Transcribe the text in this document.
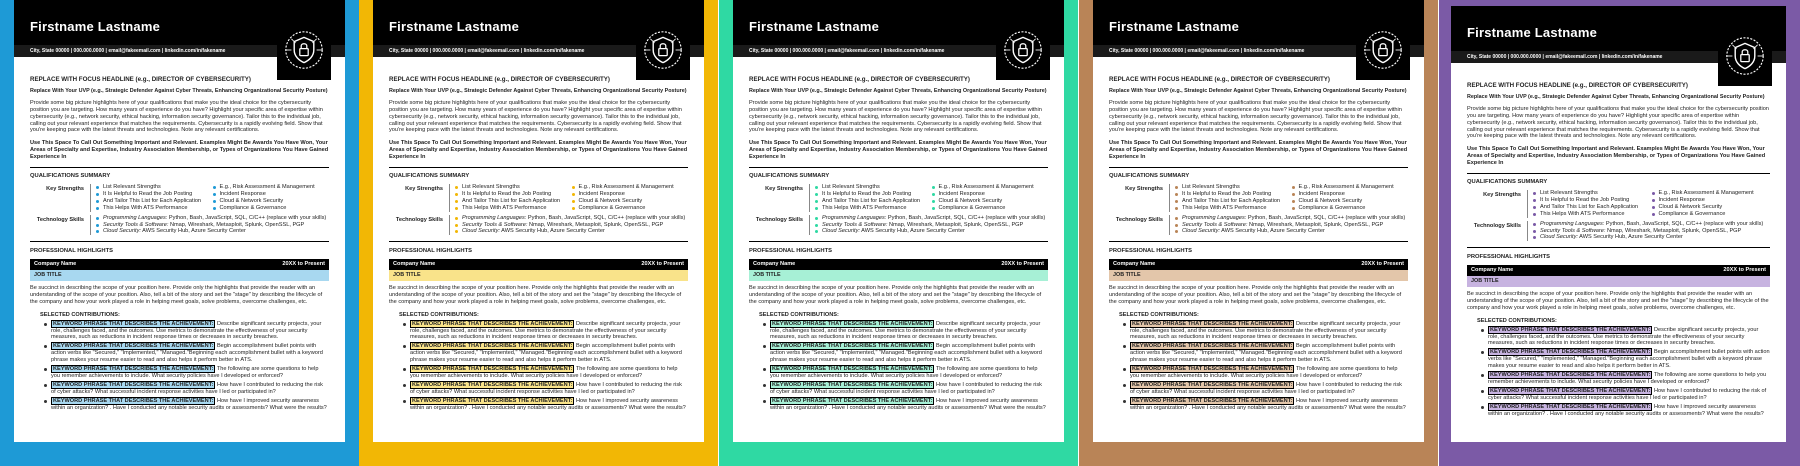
Firstname Lastname
City, State 00000 | 000.000.0000 | email@fakeemail.com | linkedin.com/in/fakename
REPLACE WITH FOCUS HEADLINE (e.g., DIRECTOR OF CYBERSECURITY)
Replace With Your UVP (e.g., Strategic Defender Against Cyber Threats, Enhancing Organizational Security Posture)
Provide some big picture highlights here of your qualifications that make you the ideal choice for the cybersecurity position you are targeting. How many years of experience do you have? Highlight your specific area of expertise within cybersecurity (e.g., network security, ethical hacking, information security governance). Tailor this to the individual job, calling out your relevant experience that matches the requirements. Cybersecurity is a rapidly evolving field. Show that you're keeping pace with the latest threats and technologies. Note any relevant certifications.
Use This Space To Call Out Something Important and Relevant. Examples Might Be Awards You Have Won, Your Areas of Specialty and Expertise, Industry Association Membership, or Types of Organizations You Have Gained Experience In
QUALIFICATIONS SUMMARY
Key Strengths	List Relevant Strengths
It Is Helpful to Read the Job Posting
And Tailor This List for Each Application
This Helps With ATS Performance
E.g., Risk Assessment & Management
Incident Response
Cloud & Network Security
Compliance & Governance
Technology Skills	Programming Languages: Python, Bash, JavaScript, SQL, C/C++ (replace with your skills)
Security Tools & Software: Nmap, Wireshark, Metasploit, Splunk, OpenSSL, PGP
Cloud Security: AWS Security Hub, Azure Security Center
PROFESSIONAL HIGHLIGHTS
Company Name	20XX to Present
JOB TITLE
Be succinct in describing the scope of your position here. Provide only the highlights that provide the reader with an understanding of the scope of your position. Also, tell a bit of the story and set the "stage" by describing the lifecycle of the company and how your work played a role in helping meet goals, solve problems, overcome challenges, etc.
SELECTED CONTRIBUTIONS:
KEYWORD PHRASE THAT DESCRIBES THE ACHIEVEMENT: Describe significant security projects, your role, challenges faced, and the outcomes. Use metrics to demonstrate the effectiveness of your security measures, such as reductions in incident response times or decreases in security breaches.
KEYWORD PHRASE THAT DESCRIBES THE ACHIEVEMENT: Begin accomplishment bullet points with action verbs like "Secured," "Implemented," "Managed."Beginning each accomplishment bullet with a keyword phrase makes your resume easier to read and also helps it perform better in ATS.
KEYWORD PHRASE THAT DESCRIBES THE ACHIEVEMENT: The following are some questions to help you remember achievements to include. What security policies have I developed or enforced?
KEYWORD PHRASE THAT DESCRIBES THE ACHIEVEMENT: How have I contributed to reducing the risk of cyber attacks? What successful incident response activities have I led or participated in?
KEYWORD PHRASE THAT DESCRIBES THE ACHIEVEMENT: How have I improved security awareness within an organization? . Have I conducted any notable security audits or assessments? What were the results?
Firstname Lastname
City, State 00000 | 000.000.0000 | email@fakeemail.com | linkedin.com/in/fakename
REPLACE WITH FOCUS HEADLINE (e.g., DIRECTOR OF CYBERSECURITY)
Replace With Your UVP (e.g., Strategic Defender Against Cyber Threats, Enhancing Organizational Security Posture)
Provide some big picture highlights here of your qualifications that make you the ideal choice for the cybersecurity position you are targeting. How many years of experience do you have? Highlight your specific area of expertise within cybersecurity (e.g., network security, ethical hacking, information security governance). Tailor this to the individual job, calling out your relevant experience that matches the requirements. Cybersecurity is a rapidly evolving field. Show that you're keeping pace with the latest threats and technologies. Note any relevant certifications.
Use This Space To Call Out Something Important and Relevant. Examples Might Be Awards You Have Won, Your Areas of Specialty and Expertise, Industry Association Membership, or Types of Organizations You Have Gained Experience In
QUALIFICATIONS SUMMARY
Key Strengths	List Relevant Strengths
It Is Helpful to Read the Job Posting
And Tailor This List for Each Application
This Helps With ATS Performance
E.g., Risk Assessment & Management
Incident Response
Cloud & Network Security
Compliance & Governance
Technology Skills	Programming Languages: Python, Bash, JavaScript, SQL, C/C++ (replace with your skills)
Security Tools & Software: Nmap, Wireshark, Metasploit, Splunk, OpenSSL, PGP
Cloud Security: AWS Security Hub, Azure Security Center
PROFESSIONAL HIGHLIGHTS
Company Name	20XX to Present
JOB TITLE
Be succinct in describing the scope of your position here. Provide only the highlights that provide the reader with an understanding of the scope of your position. Also, tell a bit of the story and set the "stage" by describing the lifecycle of the company and how your work played a role in helping meet goals, solve problems, overcome challenges, etc.
SELECTED CONTRIBUTIONS:
KEYWORD PHRASE THAT DESCRIBES THE ACHIEVEMENT: Describe significant security projects, your role, challenges faced, and the outcomes. Use metrics to demonstrate the effectiveness of your security measures, such as reductions in incident response times or decreases in security breaches.
KEYWORD PHRASE THAT DESCRIBES THE ACHIEVEMENT: Begin accomplishment bullet points with action verbs like "Secured," "Implemented," "Managed."Beginning each accomplishment bullet with a keyword phrase makes your resume easier to read and also helps it perform better in ATS.
KEYWORD PHRASE THAT DESCRIBES THE ACHIEVEMENT: The following are some questions to help you remember achievements to include. What security policies have I developed or enforced?
KEYWORD PHRASE THAT DESCRIBES THE ACHIEVEMENT: How have I contributed to reducing the risk of cyber attacks? What successful incident response activities have I led or participated in?
KEYWORD PHRASE THAT DESCRIBES THE ACHIEVEMENT: How have I improved security awareness within an organization? . Have I conducted any notable security audits or assessments? What were the results?
Firstname Lastname
City, State 00000 | 000.000.0000 | email@fakeemail.com | linkedin.com/in/fakename
REPLACE WITH FOCUS HEADLINE (e.g., DIRECTOR OF CYBERSECURITY)
Replace With Your UVP (e.g., Strategic Defender Against Cyber Threats, Enhancing Organizational Security Posture)
Provide some big picture highlights here of your qualifications that make you the ideal choice for the cybersecurity position you are targeting. How many years of experience do you have? Highlight your specific area of expertise within cybersecurity (e.g., network security, ethical hacking, information security governance). Tailor this to the individual job, calling out your relevant experience that matches the requirements. Cybersecurity is a rapidly evolving field. Show that you're keeping pace with the latest threats and technologies. Note any relevant certifications.
Use This Space To Call Out Something Important and Relevant. Examples Might Be Awards You Have Won, Your Areas of Specialty and Expertise, Industry Association Membership, or Types of Organizations You Have Gained Experience In
QUALIFICATIONS SUMMARY
Key Strengths	List Relevant Strengths
It Is Helpful to Read the Job Posting
And Tailor This List for Each Application
This Helps With ATS Performance
E.g., Risk Assessment & Management
Incident Response
Cloud & Network Security
Compliance & Governance
Technology Skills	Programming Languages: Python, Bash, JavaScript, SQL, C/C++ (replace with your skills)
Security Tools & Software: Nmap, Wireshark, Metasploit, Splunk, OpenSSL, PGP
Cloud Security: AWS Security Hub, Azure Security Center
PROFESSIONAL HIGHLIGHTS
Company Name	20XX to Present
JOB TITLE
Be succinct in describing the scope of your position here. Provide only the highlights that provide the reader with an understanding of the scope of your position. Also, tell a bit of the story and set the "stage" by describing the lifecycle of the company and how your work played a role in helping meet goals, solve problems, overcome challenges, etc.
SELECTED CONTRIBUTIONS:
KEYWORD PHRASE THAT DESCRIBES THE ACHIEVEMENT: Describe significant security projects, your role, challenges faced, and the outcomes. Use metrics to demonstrate the effectiveness of your security measures, such as reductions in incident response times or decreases in security breaches.
KEYWORD PHRASE THAT DESCRIBES THE ACHIEVEMENT: Begin accomplishment bullet points with action verbs like "Secured," "Implemented," "Managed."Beginning each accomplishment bullet with a keyword phrase makes your resume easier to read and also helps it perform better in ATS.
KEYWORD PHRASE THAT DESCRIBES THE ACHIEVEMENT: The following are some questions to help you remember achievements to include. What security policies have I developed or enforced?
KEYWORD PHRASE THAT DESCRIBES THE ACHIEVEMENT: How have I contributed to reducing the risk of cyber attacks? What successful incident response activities have I led or participated in?
KEYWORD PHRASE THAT DESCRIBES THE ACHIEVEMENT: How have I improved security awareness within an organization? . Have I conducted any notable security audits or assessments? What were the results?
Firstname Lastname
City, State 00000 | 000.000.0000 | email@fakeemail.com | linkedin.com/in/fakename
REPLACE WITH FOCUS HEADLINE (e.g., DIRECTOR OF CYBERSECURITY)
Replace With Your UVP (e.g., Strategic Defender Against Cyber Threats, Enhancing Organizational Security Posture)
Provide some big picture highlights here of your qualifications that make you the ideal choice for the cybersecurity position you are targeting. How many years of experience do you have? Highlight your specific area of expertise within cybersecurity (e.g., network security, ethical hacking, information security governance). Tailor this to the individual job, calling out your relevant experience that matches the requirements. Cybersecurity is a rapidly evolving field. Show that you're keeping pace with the latest threats and technologies. Note any relevant certifications.
Use This Space To Call Out Something Important and Relevant. Examples Might Be Awards You Have Won, Your Areas of Specialty and Expertise, Industry Association Membership, or Types of Organizations You Have Gained Experience In
QUALIFICATIONS SUMMARY
Key Strengths	List Relevant Strengths
It Is Helpful to Read the Job Posting
And Tailor This List for Each Application
This Helps With ATS Performance
E.g., Risk Assessment & Management
Incident Response
Cloud & Network Security
Compliance & Governance
Technology Skills	Programming Languages: Python, Bash, JavaScript, SQL, C/C++ (replace with your skills)
Security Tools & Software: Nmap, Wireshark, Metasploit, Splunk, OpenSSL, PGP
Cloud Security: AWS Security Hub, Azure Security Center
PROFESSIONAL HIGHLIGHTS
Company Name	20XX to Present
JOB TITLE
Be succinct in describing the scope of your position here. Provide only the highlights that provide the reader with an understanding of the scope of your position. Also, tell a bit of the story and set the "stage" by describing the lifecycle of the company and how your work played a role in helping meet goals, solve problems, overcome challenges, etc.
SELECTED CONTRIBUTIONS:
KEYWORD PHRASE THAT DESCRIBES THE ACHIEVEMENT: Describe significant security projects, your role, challenges faced, and the outcomes. Use metrics to demonstrate the effectiveness of your security measures, such as reductions in incident response times or decreases in security breaches.
KEYWORD PHRASE THAT DESCRIBES THE ACHIEVEMENT: Begin accomplishment bullet points with action verbs like "Secured," "Implemented," "Managed."Beginning each accomplishment bullet with a keyword phrase makes your resume easier to read and also helps it perform better in ATS.
KEYWORD PHRASE THAT DESCRIBES THE ACHIEVEMENT: The following are some questions to help you remember achievements to include. What security policies have I developed or enforced?
KEYWORD PHRASE THAT DESCRIBES THE ACHIEVEMENT: How have I contributed to reducing the risk of cyber attacks? What successful incident response activities have I led or participated in?
KEYWORD PHRASE THAT DESCRIBES THE ACHIEVEMENT: How have I improved security awareness within an organization? . Have I conducted any notable security audits or assessments? What were the results?
Firstname Lastname
City, State 00000 | 000.000.0000 | email@fakeemail.com | linkedin.com/in/fakename
REPLACE WITH FOCUS HEADLINE (e.g., DIRECTOR OF CYBERSECURITY)
Replace With Your UVP (e.g., Strategic Defender Against Cyber Threats, Enhancing Organizational Security Posture)
Provide some big picture highlights here of your qualifications that make you the ideal choice for the cybersecurity position you are targeting. How many years of experience do you have? Highlight your specific area of expertise within cybersecurity (e.g., network security, ethical hacking, information security governance). Tailor this to the individual job, calling out your relevant experience that matches the requirements. Cybersecurity is a rapidly evolving field. Show that you're keeping pace with the latest threats and technologies. Note any relevant certifications.
Use This Space To Call Out Something Important and Relevant. Examples Might Be Awards You Have Won, Your Areas of Specialty and Expertise, Industry Association Membership, or Types of Organizations You Have Gained Experience In
QUALIFICATIONS SUMMARY
Key Strengths	List Relevant Strengths
It Is Helpful to Read the Job Posting
And Tailor This List for Each Application
This Helps With ATS Performance
E.g., Risk Assessment & Management
Incident Response
Cloud & Network Security
Compliance & Governance
Technology Skills	Programming Languages: Python, Bash, JavaScript, SQL, C/C++ (replace with your skills)
Security Tools & Software: Nmap, Wireshark, Metasploit, Splunk, OpenSSL, PGP
Cloud Security: AWS Security Hub, Azure Security Center
PROFESSIONAL HIGHLIGHTS
Company Name	20XX to Present
JOB TITLE
Be succinct in describing the scope of your position here. Provide only the highlights that provide the reader with an understanding of the scope of your position. Also, tell a bit of the story and set the "stage" by describing the lifecycle of the company and how your work played a role in helping meet goals, solve problems, overcome challenges, etc.
SELECTED CONTRIBUTIONS:
KEYWORD PHRASE THAT DESCRIBES THE ACHIEVEMENT: Describe significant security projects, your role, challenges faced, and the outcomes. Use metrics to demonstrate the effectiveness of your security measures, such as reductions in incident response times or decreases in security breaches.
KEYWORD PHRASE THAT DESCRIBES THE ACHIEVEMENT: Begin accomplishment bullet points with action verbs like "Secured," "Implemented," "Managed."Beginning each accomplishment bullet with a keyword phrase makes your resume easier to read and also helps it perform better in ATS.
KEYWORD PHRASE THAT DESCRIBES THE ACHIEVEMENT: The following are some questions to help you remember achievements to include. What security policies have I developed or enforced?
KEYWORD PHRASE THAT DESCRIBES THE ACHIEVEMENT: How have I contributed to reducing the risk of cyber attacks? What successful incident response activities have I led or participated in?
KEYWORD PHRASE THAT DESCRIBES THE ACHIEVEMENT: How have I improved security awareness within an organization? . Have I conducted any notable security audits or assessments? What were the results?
